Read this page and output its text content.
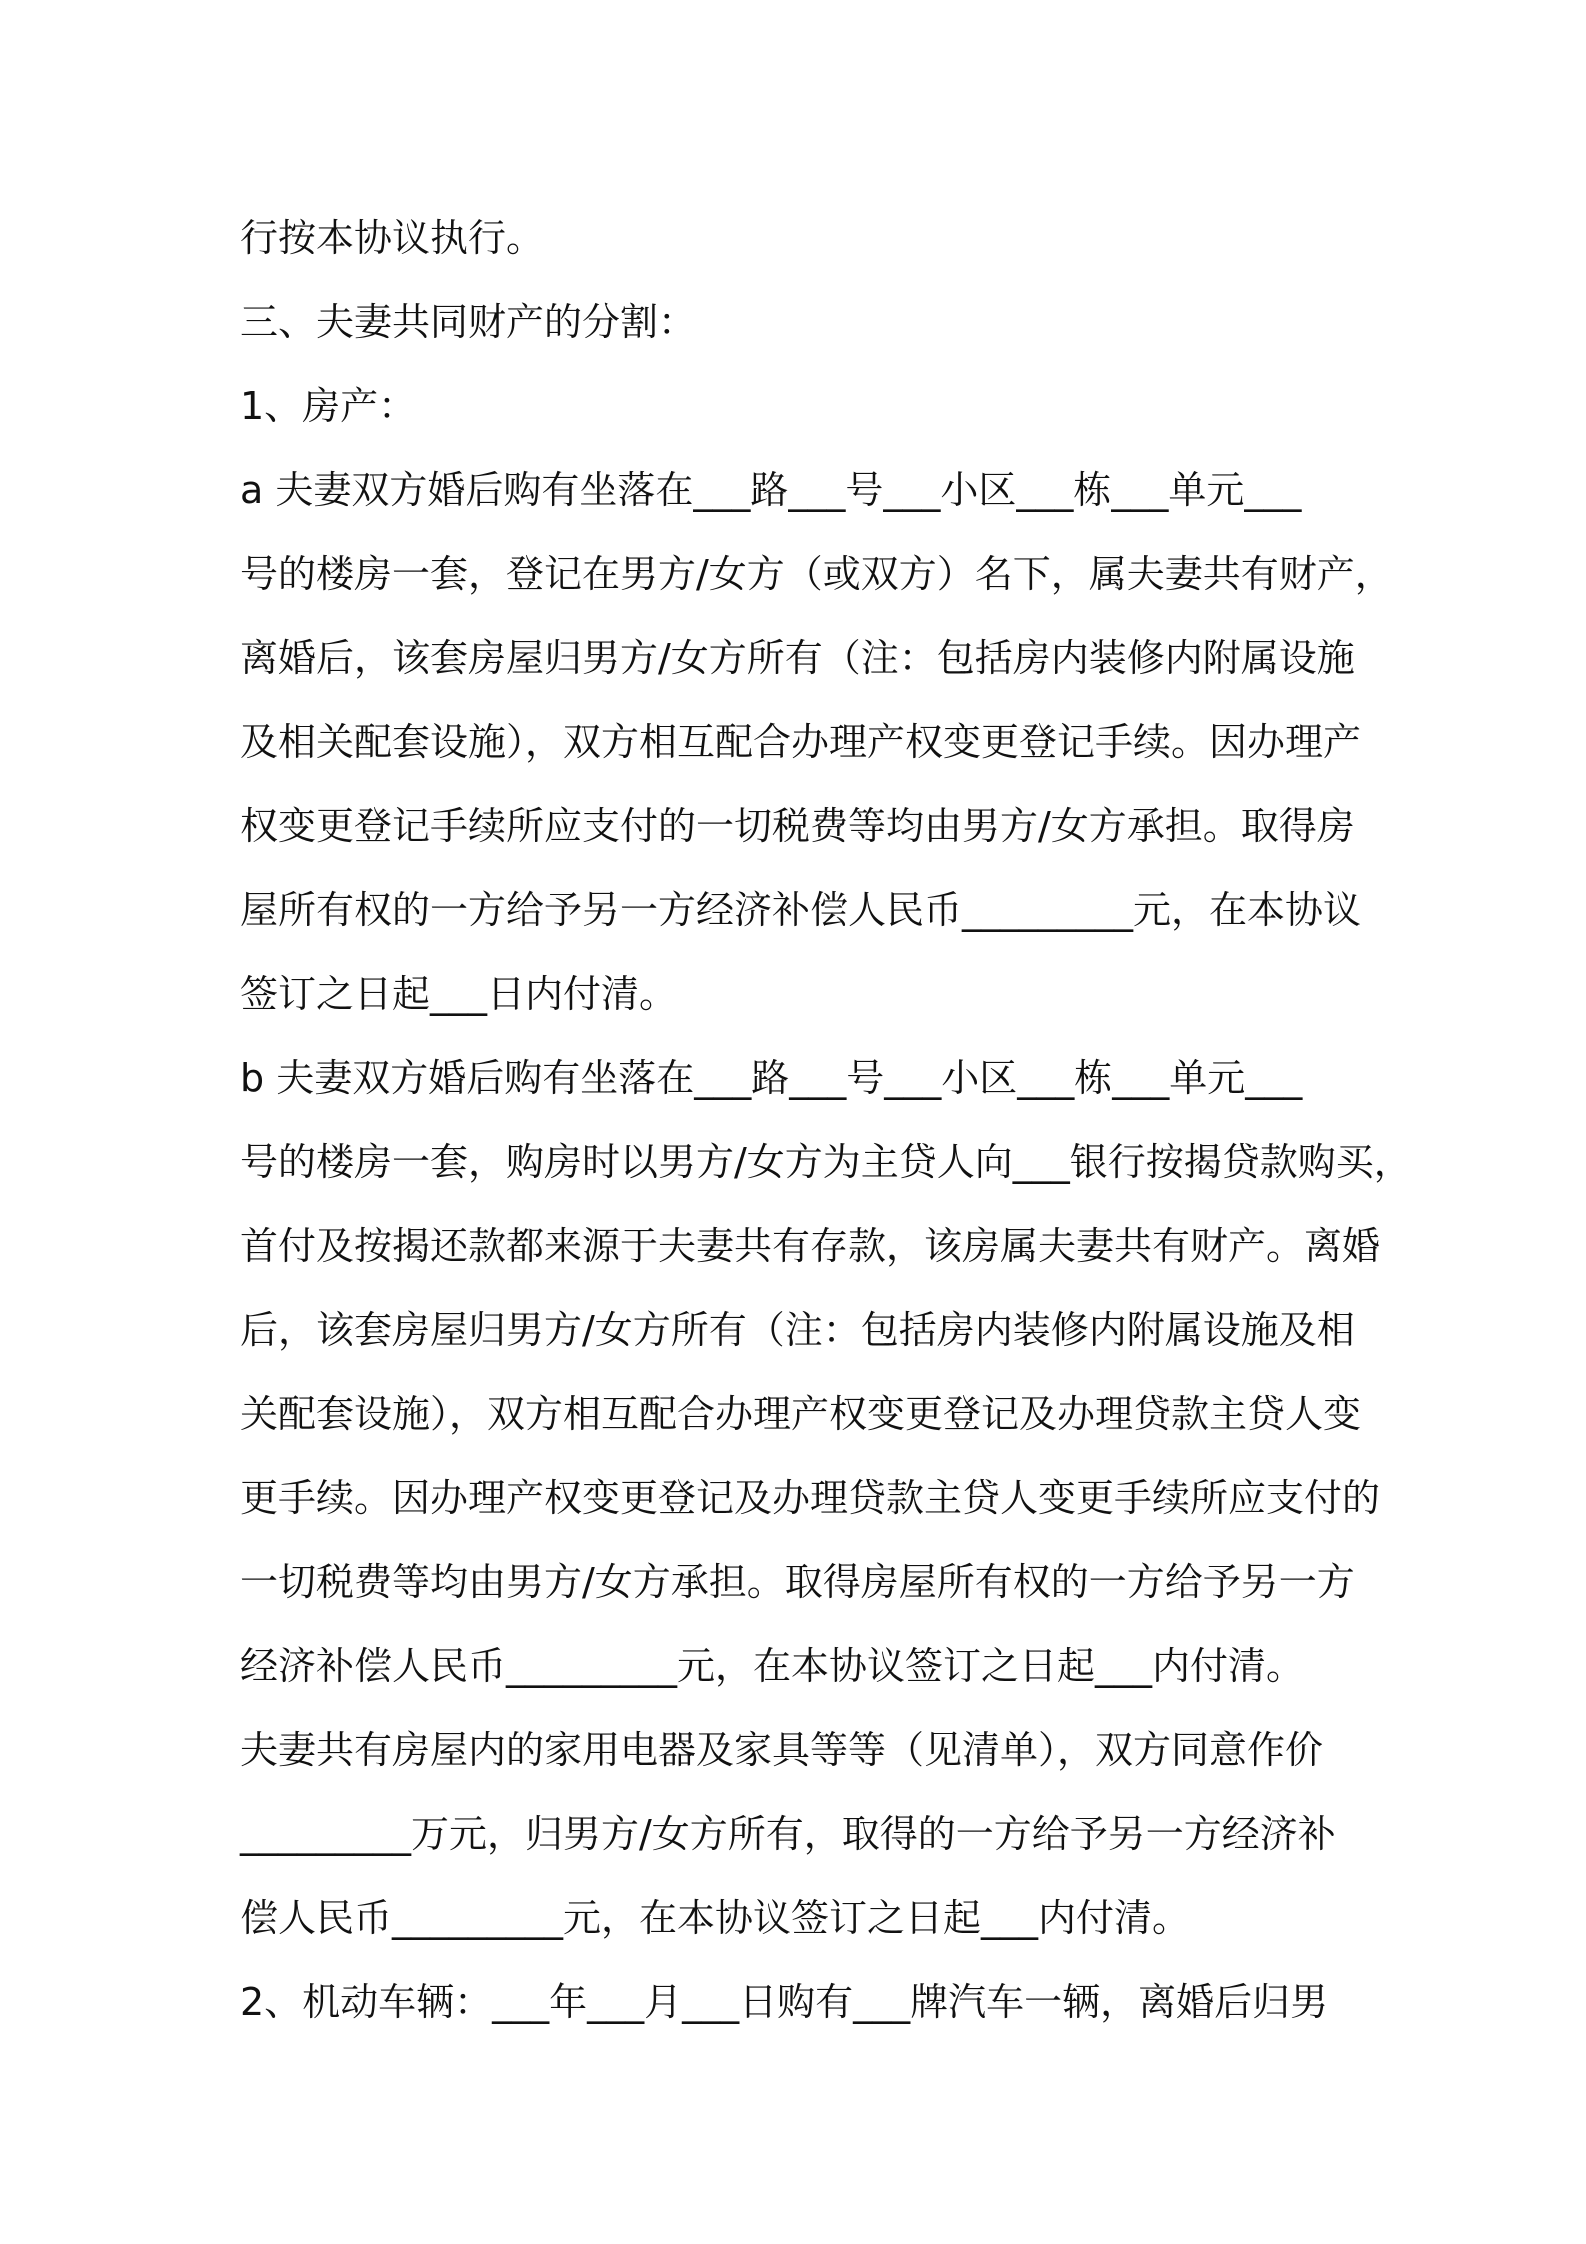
行按本协议执行。
三、夫妻共同财产的分割：
1、房产：
a 夫妻双方婚后购有坐落在___路___号___小区___栋___单元___
号的楼房一套，登记在男方/女方（或双方）名下，属夫妻共有财产，
离婚后，该套房屋归男方/女方所有（注：包括房内装修内附属设施
及相关配套设施），双方相互配合办理产权变更登记手续。因办理产
权变更登记手续所应支付的一切税费等均由男方/女方承担。取得房
屋所有权的一方给予另一方经济补偿人民币_________元，在本协议
签订之日起___日内付清。
b 夫妻双方婚后购有坐落在___路___号___小区___栋___单元___
号的楼房一套，购房时以男方/女方为主贷人向___银行按揭贷款购买，
首付及按揭还款都来源于夫妻共有存款，该房属夫妻共有财产。离婚
后，该套房屋归男方/女方所有（注：包括房内装修内附属设施及相
关配套设施），双方相互配合办理产权变更登记及办理贷款主贷人变
更手续。因办理产权变更登记及办理贷款主贷人变更手续所应支付的
一切税费等均由男方/女方承担。取得房屋所有权的一方给予另一方
经济补偿人民币_________元，在本协议签订之日起___内付清。
夫妻共有房屋内的家用电器及家具等等（见清单），双方同意作价
_________万元，归男方/女方所有，取得的一方给予另一方经济补
偿人民币_________元，在本协议签订之日起___内付清。
2、机动车辆：___年___月___日购有___牌汽车一辆，离婚后归男
